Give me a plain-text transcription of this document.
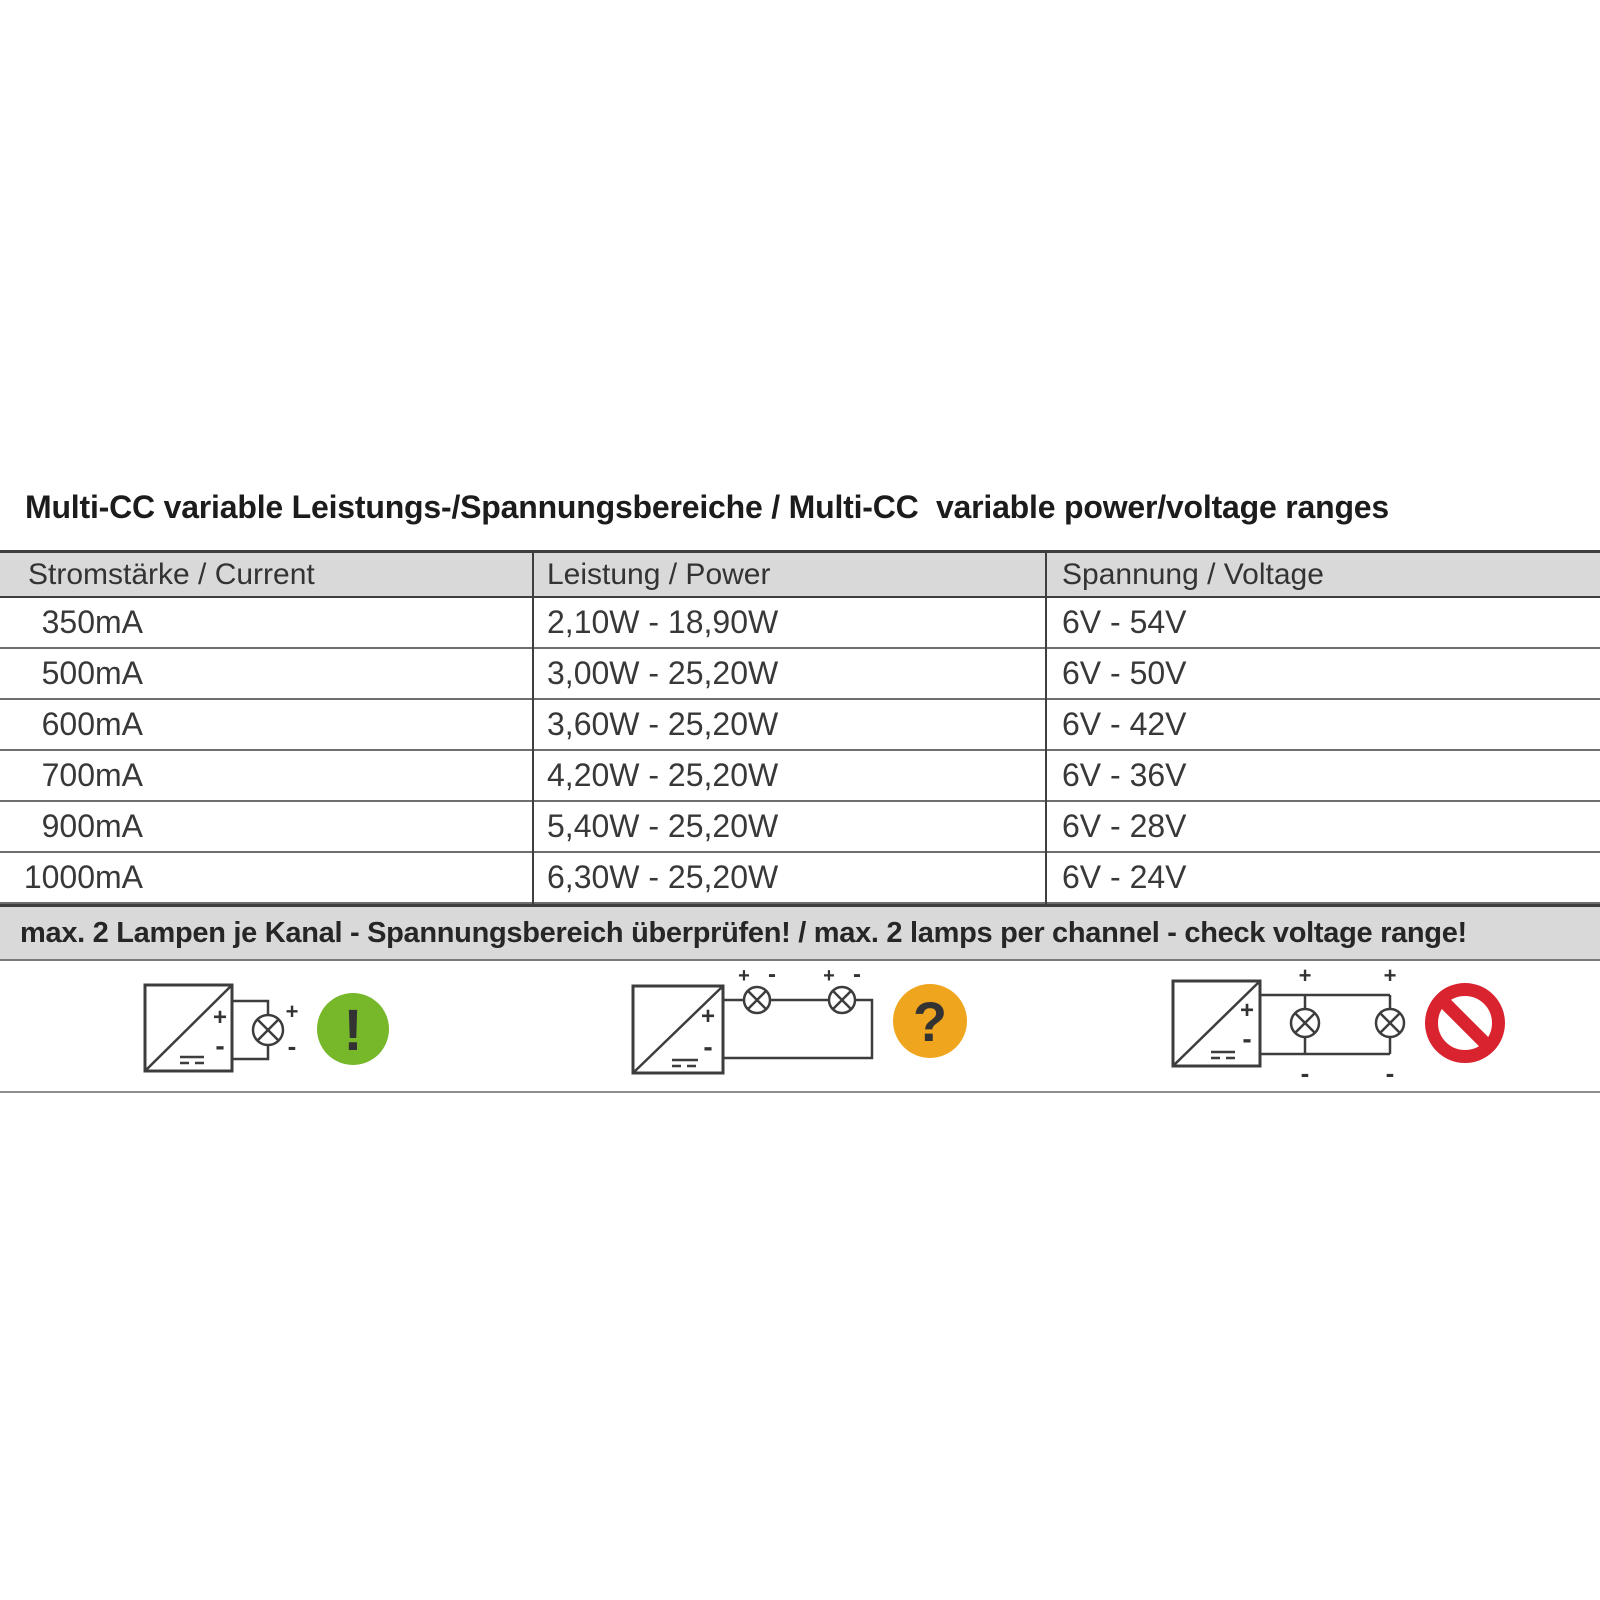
Multi-CC variable Leistungs-/Spannungsbereiche / Multi-CC  variable power/voltage ranges
Stromstärke / Current	Leistung / Power	Spannung / Voltage
350mA	2,10W - 18,90W	6V - 54V
500mA	3,00W - 25,20W	6V - 50V
600mA	3,60W - 25,20W	6V - 42V
700mA	4,20W - 25,20W	6V - 36V
900mA	5,40W - 25,20W	6V - 28V
1000mA	6,30W - 25,20W	6V - 24V
max. 2 Lampen je Kanal - Spannungsbereich überprüfen! / max. 2 lamps per channel - check voltage range!
+
-
+
- !	+
-
+ - + -
?	+
-
+	+
-	-
